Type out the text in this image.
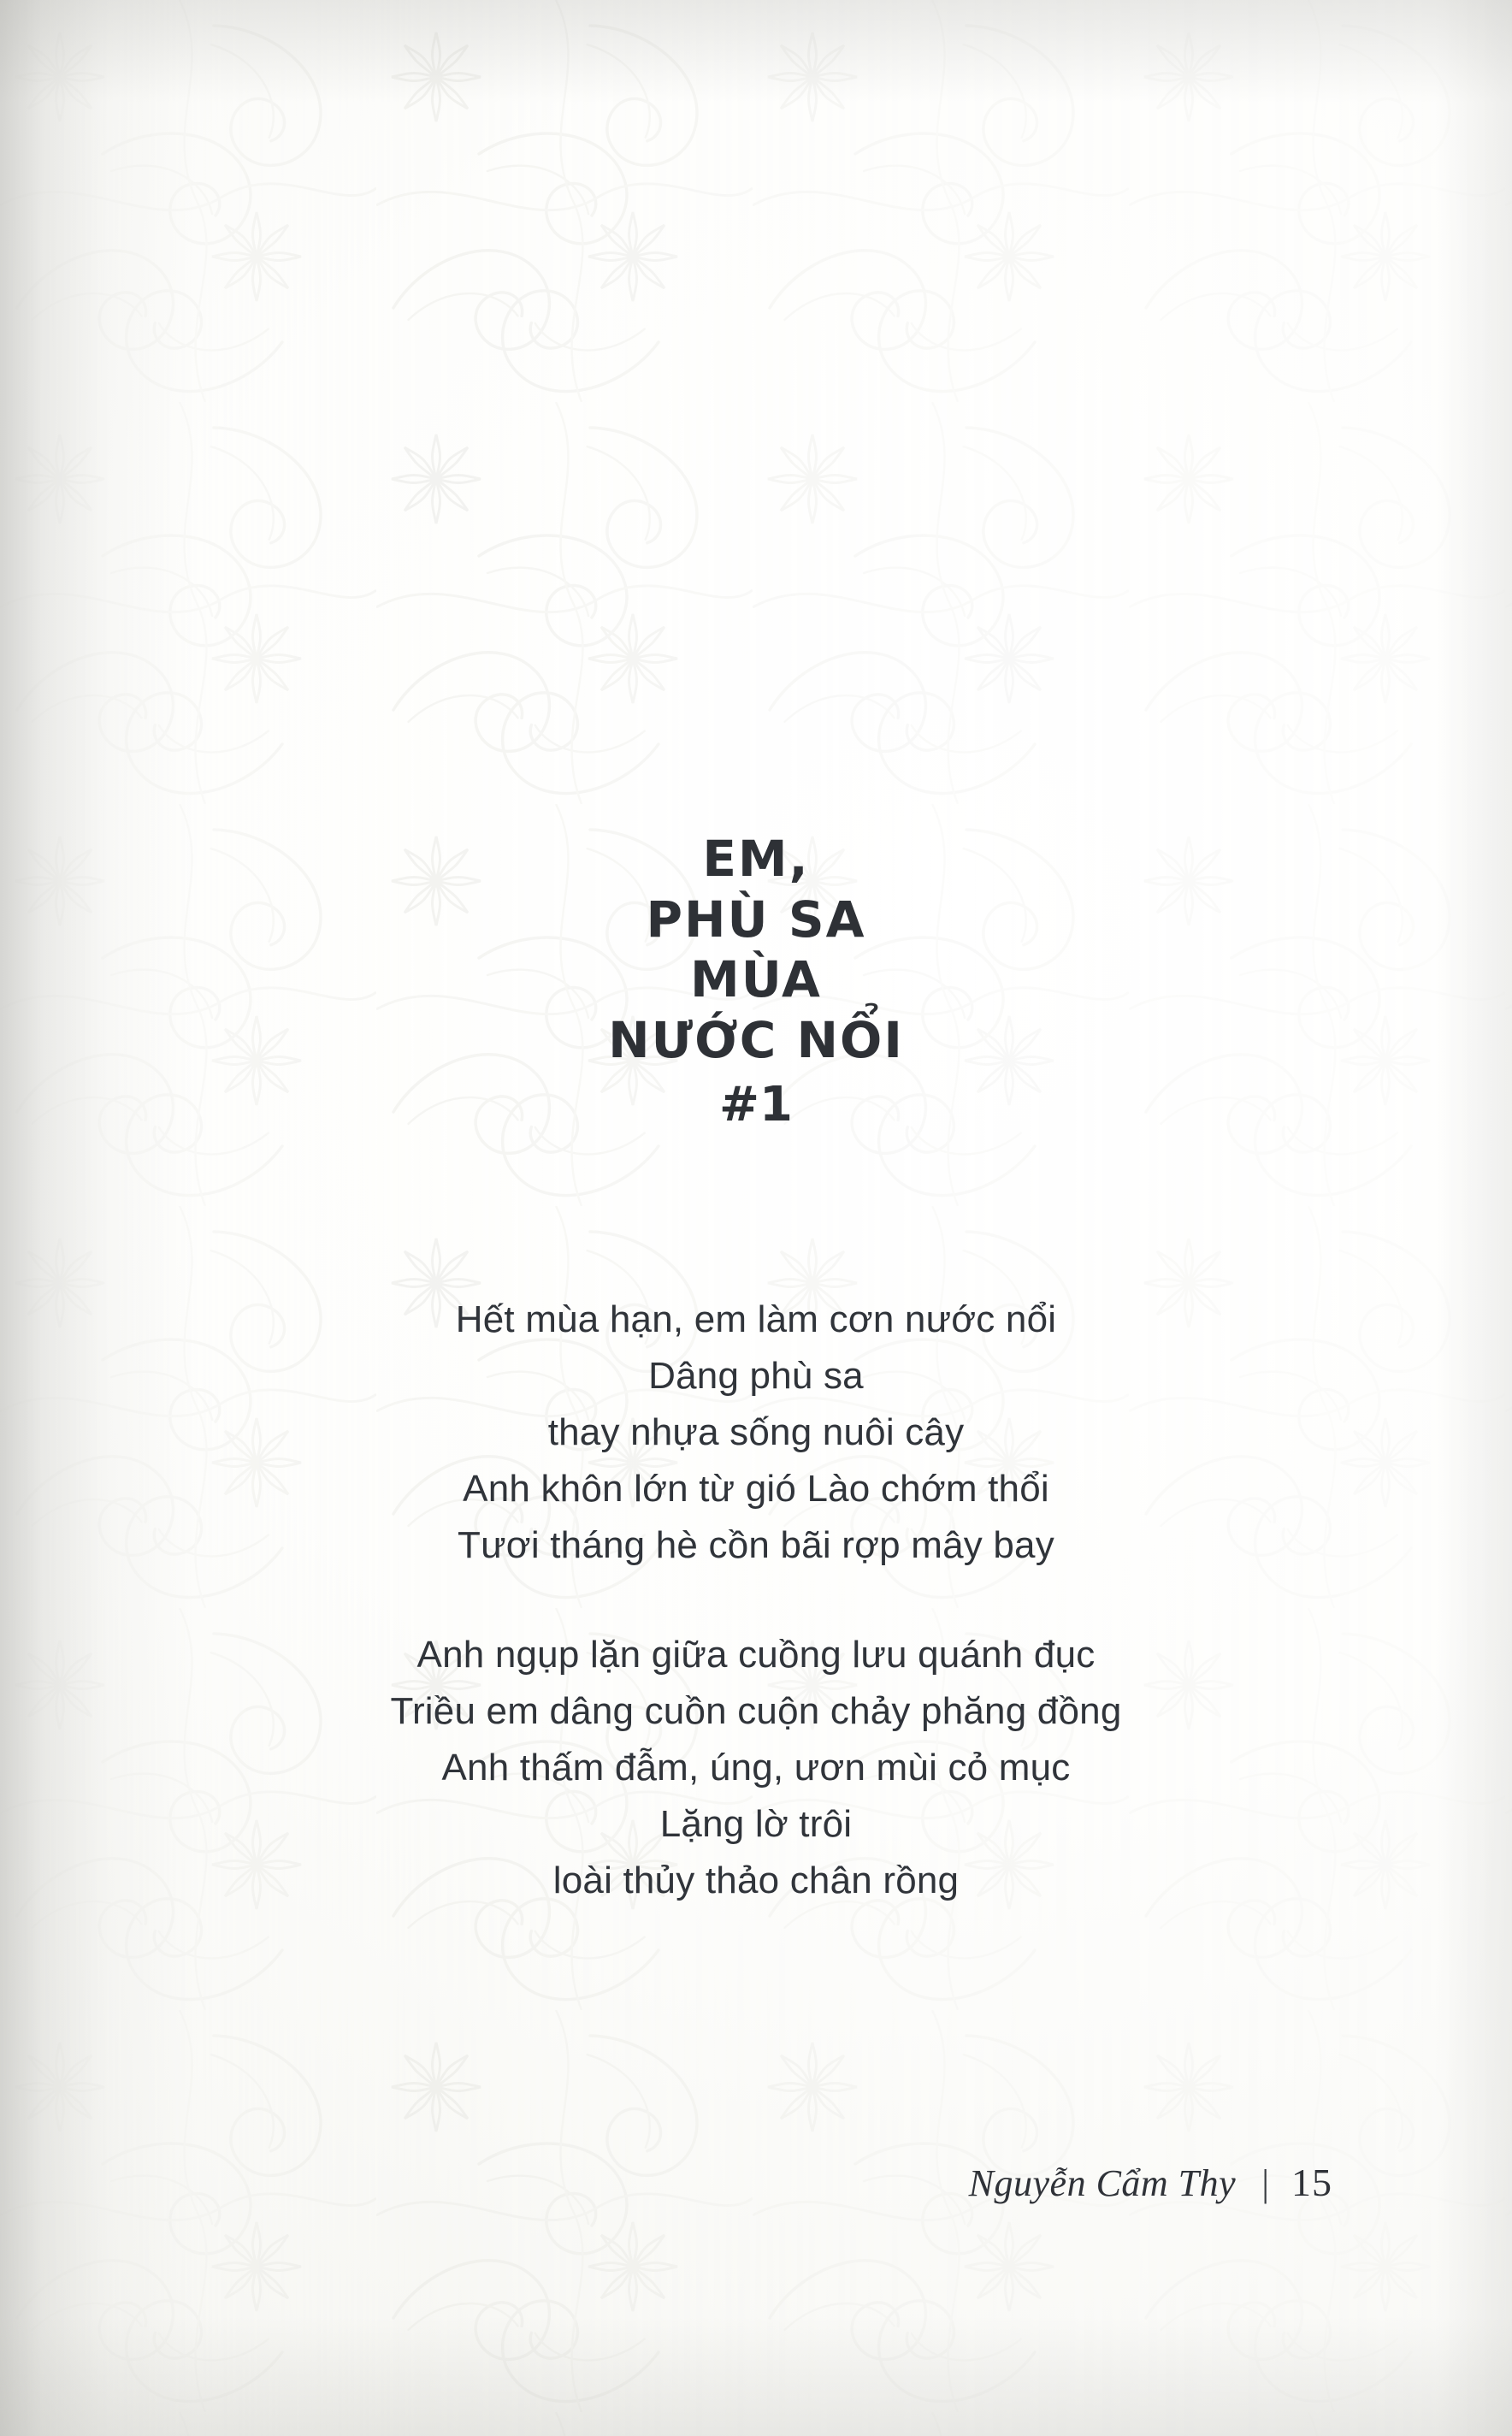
EM,
PHÙ SA
MÙA
NƯỚC NỔI
#1

Hết mùa hạn, em làm cơn nước nổi
Dâng phù sa
thay nhựa sống nuôi cây
Anh khôn lớn từ gió Lào chớm thổi
Tươi tháng hè cồn bãi rợp mây bay

Anh ngụp lặn giữa cuồng lưu quánh đục
Triều em dâng cuồn cuộn chảy phăng đồng
Anh thấm đẫm, úng, ươn mùi cỏ mục
Lặng lờ trôi
loài thủy thảo chân rồng

Nguyễn Cẩm Thy | 15
